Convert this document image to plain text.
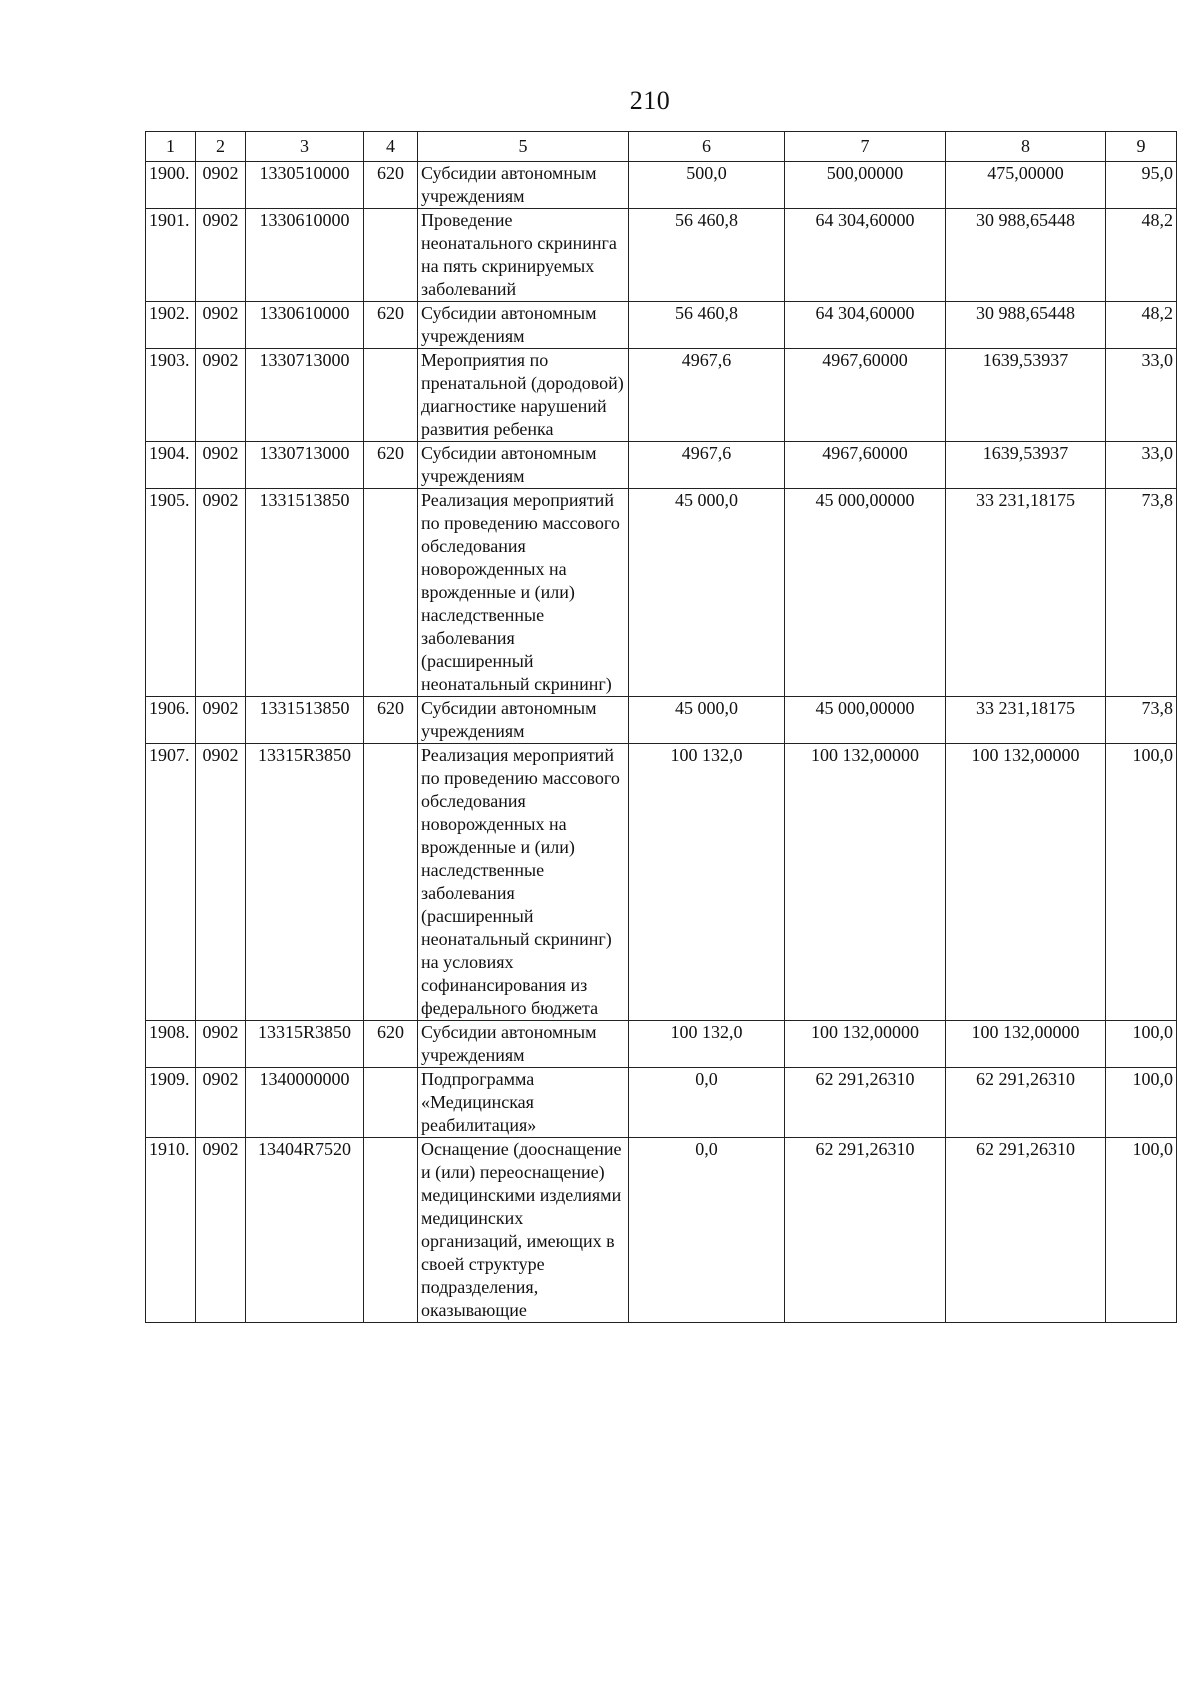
210
1	2	3	4	5	6	7	8	9
1900.	0902	1330510000	620	Субсидии автономным учреждениям	500,0	500,00000	475,00000	95,0
1901.	0902	1330610000		Проведение неонатального скрининга на пять скринируемых заболеваний	56 460,8	64 304,60000	30 988,65448	48,2
1902.	0902	1330610000	620	Субсидии автономным учреждениям	56 460,8	64 304,60000	30 988,65448	48,2
1903.	0902	1330713000		Мероприятия по пренатальной (дородовой) диагностике нарушений развития ребенка	4967,6	4967,60000	1639,53937	33,0
1904.	0902	1330713000	620	Субсидии автономным учреждениям	4967,6	4967,60000	1639,53937	33,0
1905.	0902	1331513850		Реализация мероприятий по проведению массового обследования новорожденных на врожденные и (или) наследственные заболевания (расширенный неонатальный скрининг)	45 000,0	45 000,00000	33 231,18175	73,8
1906.	0902	1331513850	620	Субсидии автономным учреждениям	45 000,0	45 000,00000	33 231,18175	73,8
1907.	0902	13315R3850		Реализация мероприятий по проведению массового обследования новорожденных на врожденные и (или) наследственные заболевания (расширенный неонатальный скрининг) на условиях софинансирования из федерального бюджета	100 132,0	100 132,00000	100 132,00000	100,0
1908.	0902	13315R3850	620	Субсидии автономным учреждениям	100 132,0	100 132,00000	100 132,00000	100,0
1909.	0902	1340000000		Подпрограмма «Медицинская реабилитация»	0,0	62 291,26310	62 291,26310	100,0
1910.	0902	13404R7520		Оснащение (дооснащение и (или) переоснащение) медицинскими изделиями медицинских организаций, имеющих в своей структуре подразделения, оказывающие	0,0	62 291,26310	62 291,26310	100,0
